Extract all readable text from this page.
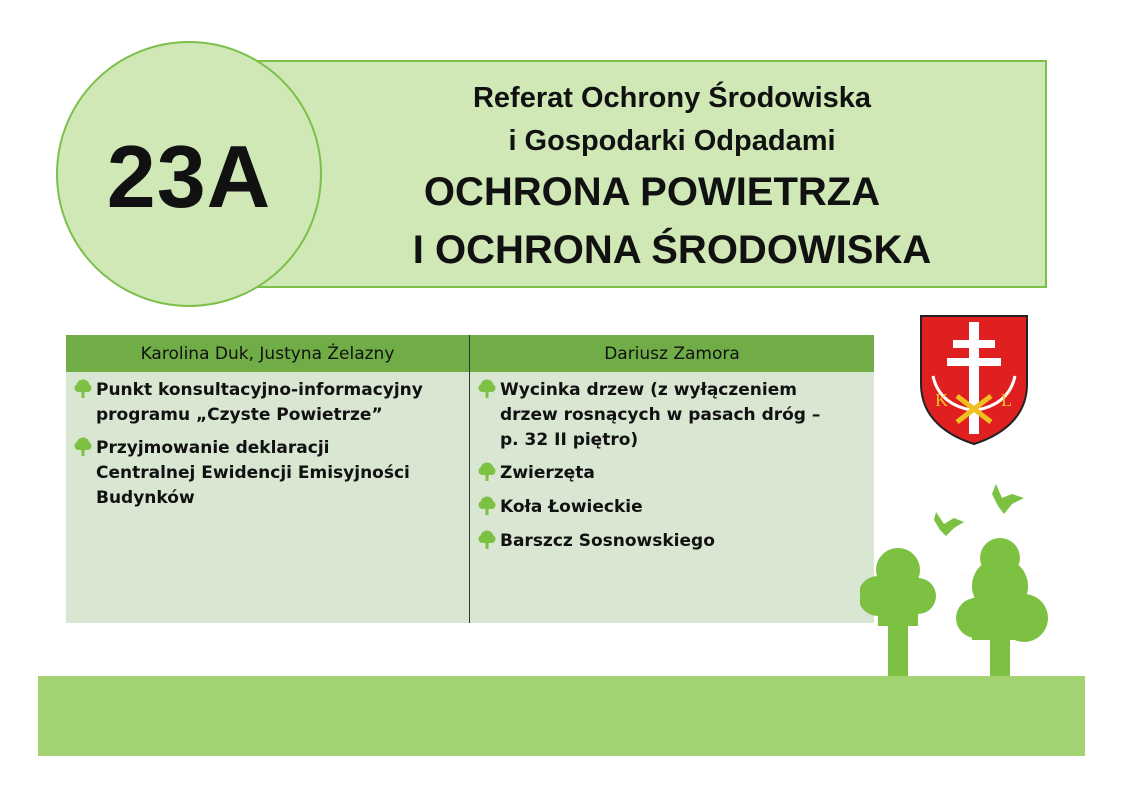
23A
Referat Ochrony Środowiska
i Gospodarki Odpadami
OCHRONA POWIETRZA
I OCHRONA ŚRODOWISKA
Karolina Duk, Justyna Żelazny	Dariusz Zamora
Punkt konsultacyjno-informacyjny
programu „Czyste Powietrze”
Przyjmowanie deklaracji
Centralnej Ewidencji Emisyjności
Budynków
Wycinka drzew (z wyłączeniem
drzew rosnących w pasach dróg –
p. 32 II piętro)
Zwierzęta
Koła Łowieckie
Barszcz Sosnowskiego
K	L
